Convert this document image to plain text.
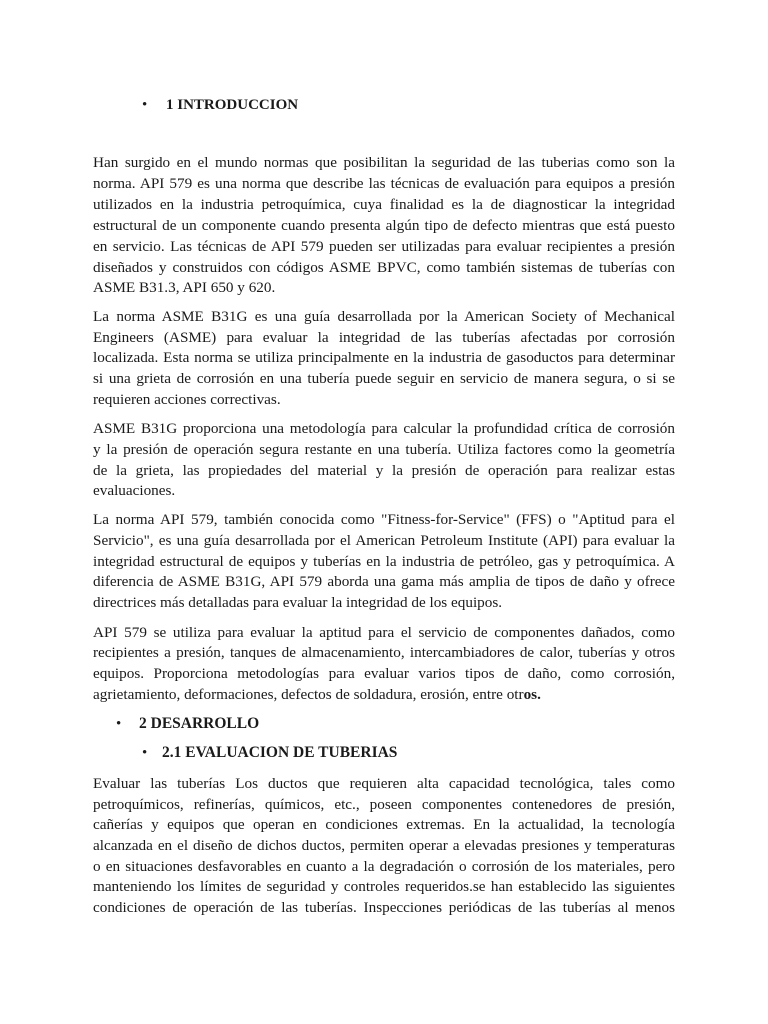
• 1 INTRODUCCION
Han surgido en el mundo normas que posibilitan la seguridad de las tuberias como son la
norma. API 579 es una norma que describe las técnicas de evaluación para equipos a presión
utilizados en la industria petroquímica, cuya finalidad es la de diagnosticar la integridad
estructural de un componente cuando presenta algún tipo de defecto mientras que está puesto
en servicio. Las técnicas de API 579 pueden ser utilizadas para evaluar recipientes a presión
diseñados y construidos con códigos ASME BPVC, como también sistemas de tuberías con
ASME B31.3, API 650 y 620.
La norma ASME B31G es una guía desarrollada por la American Society of Mechanical
Engineers (ASME) para evaluar la integridad de las tuberías afectadas por corrosión
localizada. Esta norma se utiliza principalmente en la industria de gasoductos para determinar
si una grieta de corrosión en una tubería puede seguir en servicio de manera segura, o si se
requieren acciones correctivas.
ASME B31G proporciona una metodología para calcular la profundidad crítica de corrosión
y la presión de operación segura restante en una tubería. Utiliza factores como la geometría
de la grieta, las propiedades del material y la presión de operación para realizar estas
evaluaciones.
La norma API 579, también conocida como "Fitness-for-Service" (FFS) o "Aptitud para el
Servicio", es una guía desarrollada por el American Petroleum Institute (API) para evaluar la
integridad estructural de equipos y tuberías en la industria de petróleo, gas y petroquímica. A
diferencia de ASME B31G, API 579 aborda una gama más amplia de tipos de daño y ofrece
directrices más detalladas para evaluar la integridad de los equipos.
API 579 se utiliza para evaluar la aptitud para el servicio de componentes dañados, como
recipientes a presión, tanques de almacenamiento, intercambiadores de calor, tuberías y otros
equipos. Proporciona metodologías para evaluar varios tipos de daño, como corrosión,
agrietamiento, deformaciones, defectos de soldadura, erosión, entre otros.
• 2 DESARROLLO
• 2.1 EVALUACION DE TUBERIAS
Evaluar las tuberías Los ductos que requieren alta capacidad tecnológica, tales como
petroquímicos, refinerías, químicos, etc., poseen componentes contenedores de presión,
cañerías y equipos que operan en condiciones extremas. En la actualidad, la tecnología
alcanzada en el diseño de dichos ductos, permiten operar a elevadas presiones y temperaturas
o en situaciones desfavorables en cuanto a la degradación o corrosión de los materiales, pero
manteniendo los límites de seguridad y controles requeridos.se han establecido las siguientes
condiciones de operación de las tuberías. Inspecciones periódicas de las tuberías al menos
